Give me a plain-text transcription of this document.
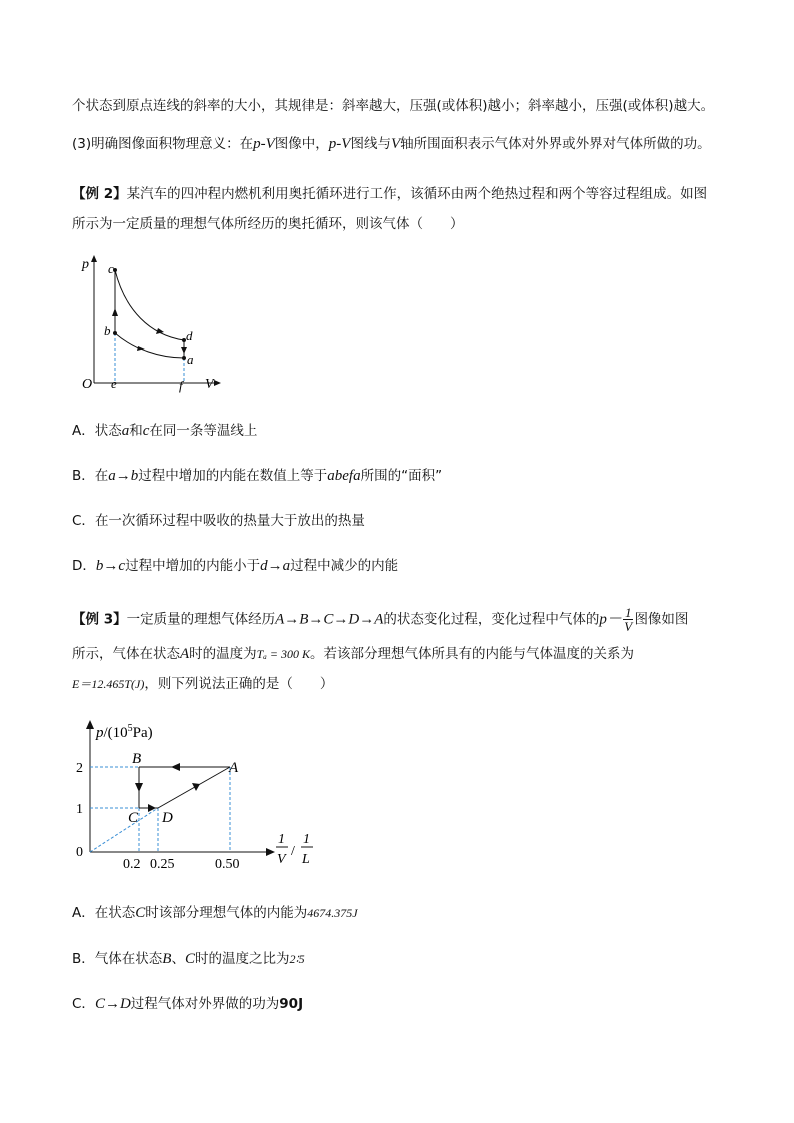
个状态到原点连线的斜率的大小，其规律是：斜率越大，压强(或体积)越小；斜率越小，压强(或体积)越大。
(3)明确图像面积物理意义：在p-V图像中，p-V图线与V轴所围面积表示气体对外界或外界对气体所做的功。
【例 2】某汽车的四冲程内燃机利用奥托循环进行工作，该循环由两个绝热过程和两个等容过程组成。如图
所示为一定质量的理想气体所经历的奥托循环，则该气体（　　）
p c
b	d
a
O e	f V
A．状态a和c在同一条等温线上
B．在a→b过程中增加的内能在数值上等于abefa所围的“面积”
C．在一次循环过程中吸收的热量大于放出的热量
D．b→c过程中增加的内能小于d→a过程中减少的内能
【例 3】一定质量的理想气体经历A→B→C→D→A的状态变化过程，变化过程中气体的$p- \frac{1}{V}$ 图像如图
所示，气体在状态A时的温度为Tₐ = 300 K。若该部分理想气体所具有的内能与气体温度的关系为
E＝12.465T(J)，则下列说法正确的是（　　）
$p/(10^5Pa)$
2
1
0
0.2 0.25	0.50
B
A
C D
1
V
/
1
L
A．在状态C时该部分理想气体的内能为4674.375J
B．气体在状态B、C时的温度之比为2∶5
C．C→D过程气体对外界做的功为90J
